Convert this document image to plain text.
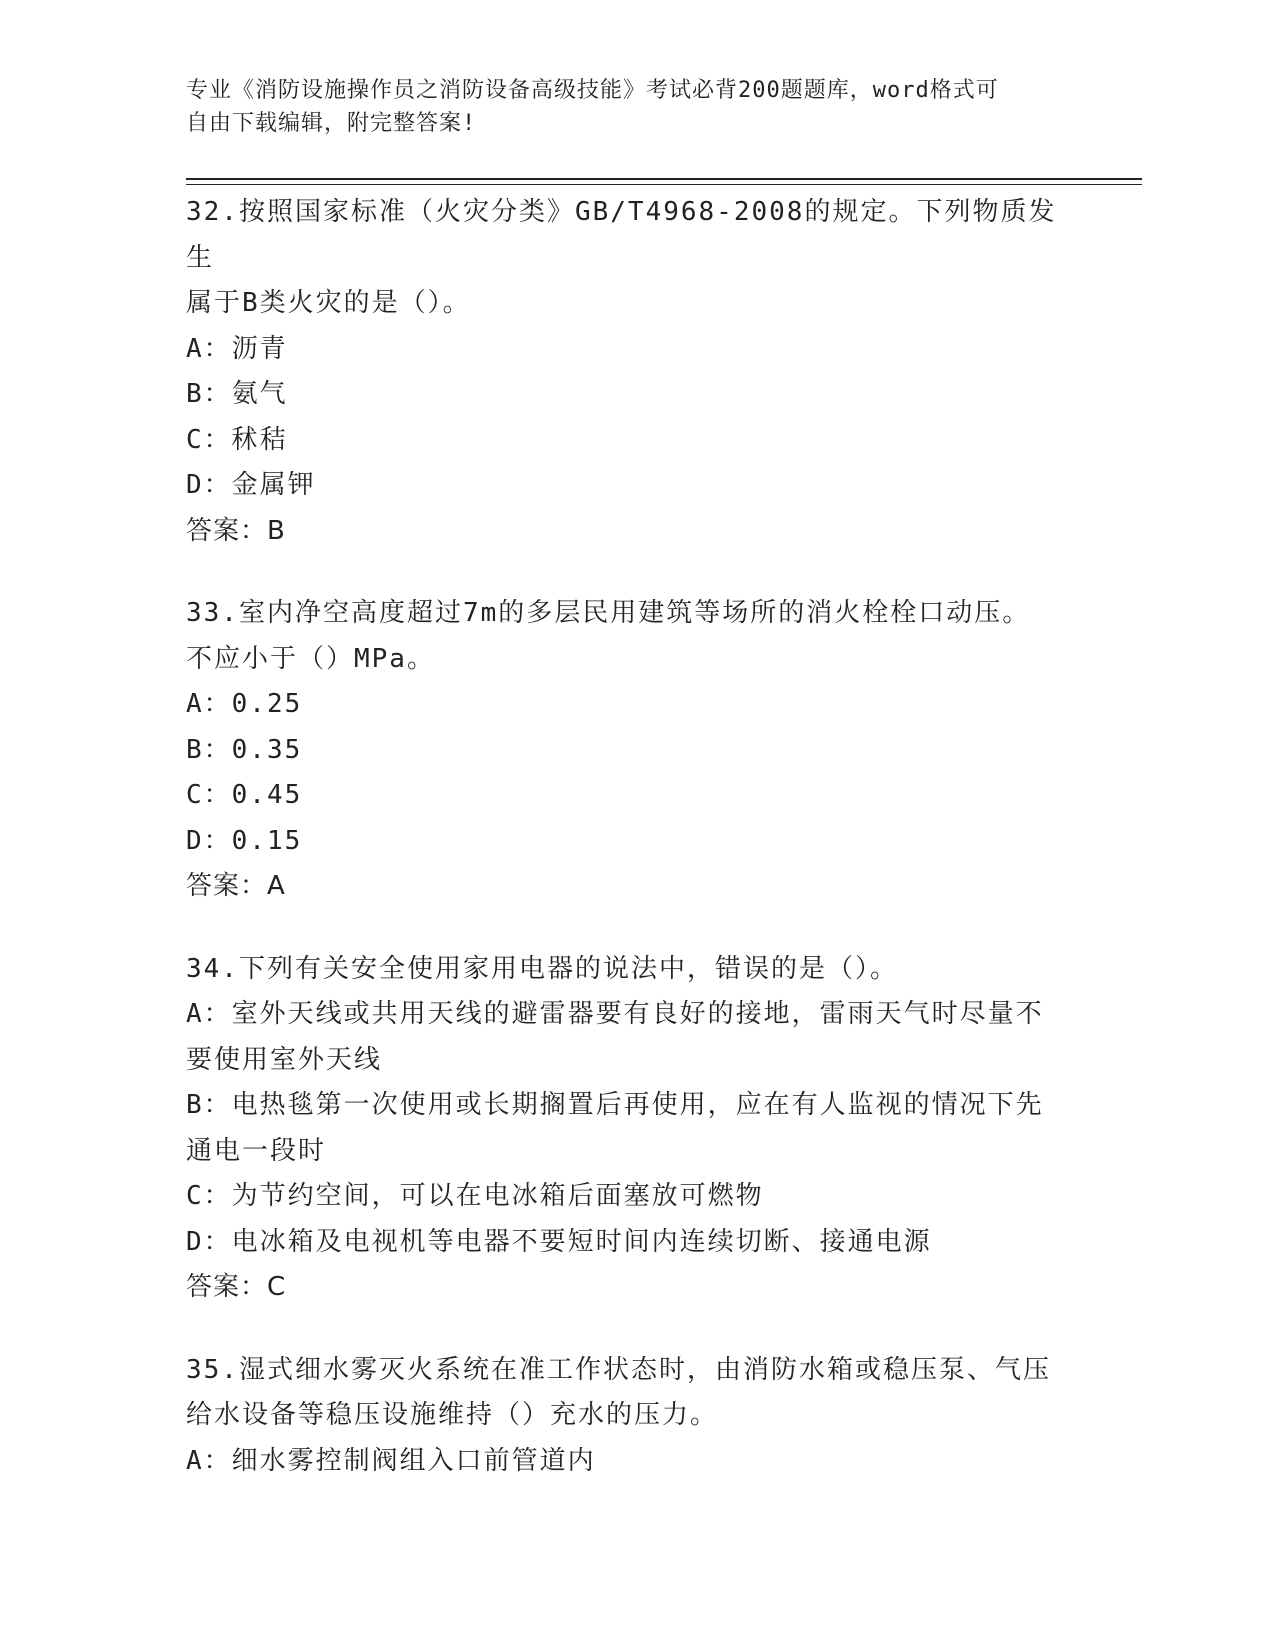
专业《消防设施操作员之消防设备高级技能》考试必背200题题库，word格式可
自由下载编辑，附完整答案!
32.按照国家标准（火灾分类》GB/T4968-2008的规定。下列物质发生
属于B类火灾的是（）。
A：沥青
B：氨气
C：秫秸
D：金属钾
答案：B
33.室内净空高度超过7m的多层民用建筑等场所的消火栓栓口动压。
不应小于（）MPa。
A：0.25
B：0.35
C：0.45
D：0.15
答案：A
34.下列有关安全使用家用电器的说法中，错误的是（）。
A：室外天线或共用天线的避雷器要有良好的接地，雷雨天气时尽量不
要使用室外天线
B：电热毯第一次使用或长期搁置后再使用，应在有人监视的情况下先
通电一段时
C：为节约空间，可以在电冰箱后面塞放可燃物
D：电冰箱及电视机等电器不要短时间内连续切断、接通电源
答案：C
35.湿式细水雾灭火系统在准工作状态时，由消防水箱或稳压泵、气压
给水设备等稳压设施维持（）充水的压力。
A：细水雾控制阀组入口前管道内
